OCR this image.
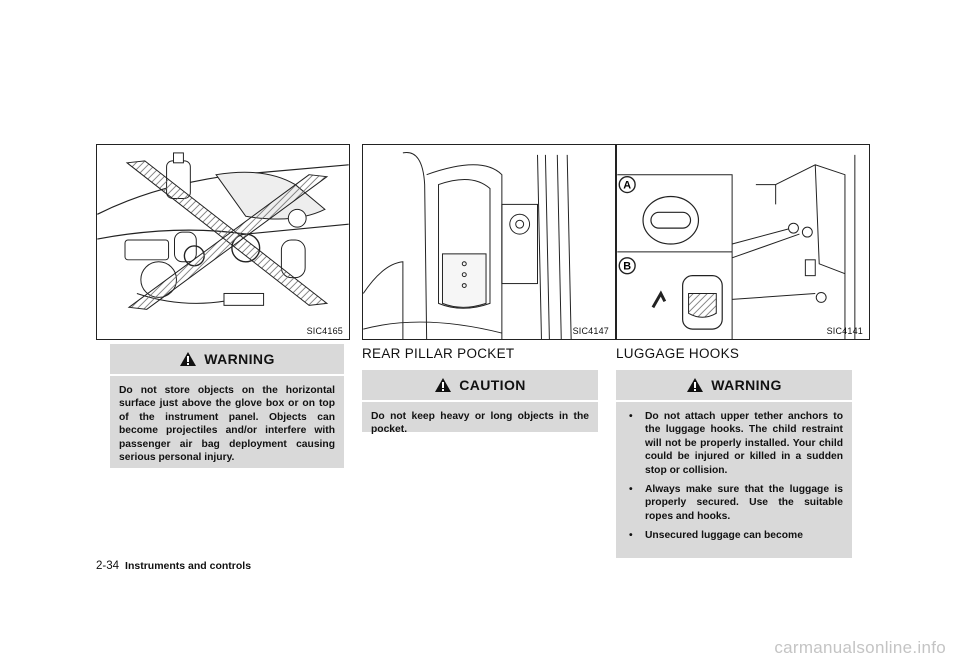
SIC4165	SIC4147
A
B
SIC4141
WARNING
Do not store objects on the horizontal surface just above the glove box or on top of the instrument panel. Objects can become projectiles and/or interfere with passenger air bag deployment causing serious personal injury.
REAR PILLAR POCKET
CAUTION
Do not keep heavy or long objects in the pocket.
LUGGAGE HOOKS
WARNING
• Do not attach upper tether anchors to the luggage hooks. The child restraint will not be properly installed. Your child could be injured or killed in a sudden stop or collision.
• Always make sure that the luggage is properly secured. Use the suitable ropes and hooks.
• Unsecured luggage can become
2-34 Instruments and controls
carmanualsonline.info
